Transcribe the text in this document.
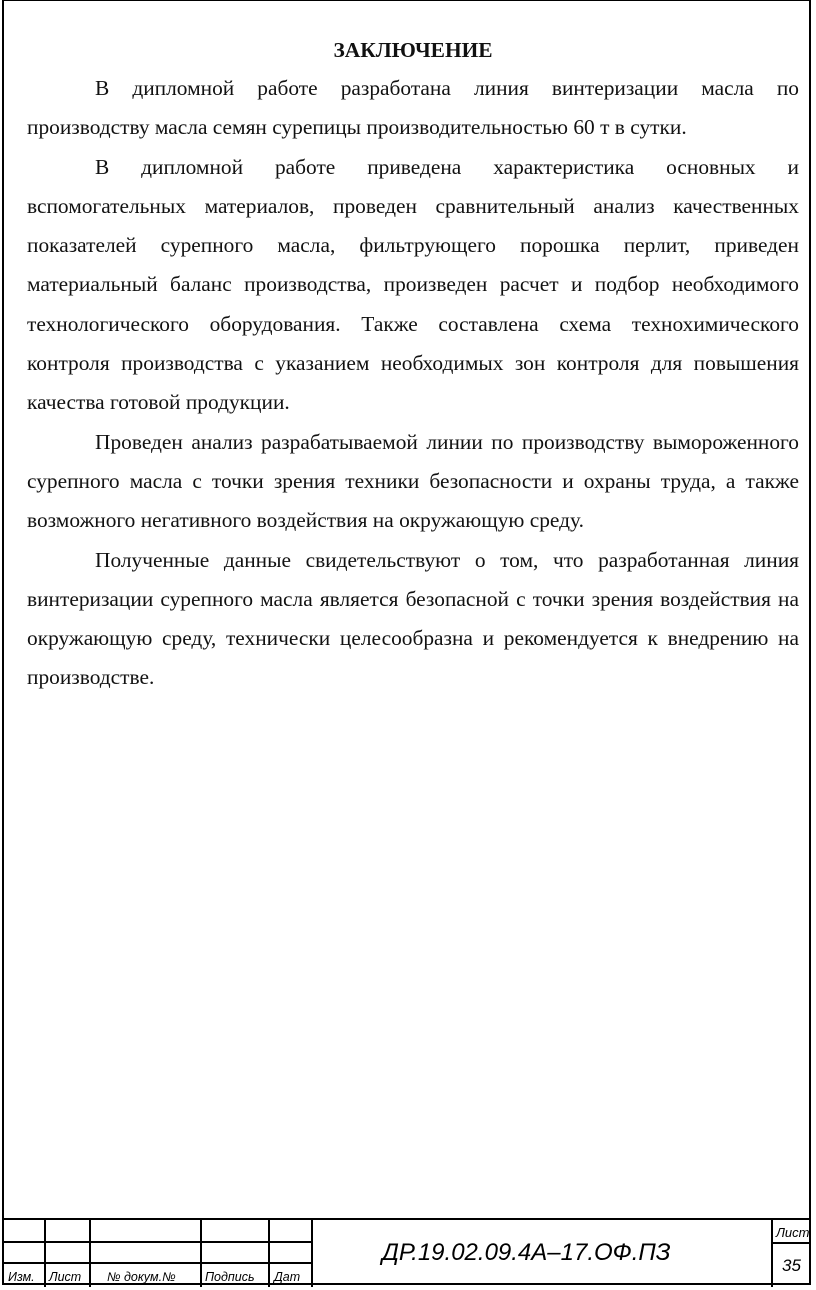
ЗАКЛЮЧЕНИЕ

В дипломной работе разработана линия винтеризации масла по производству масла семян сурепицы производительностью 60 т в сутки.

В дипломной работе приведена характеристика основных и вспомогательных материалов, проведен сравнительный анализ качественных показателей сурепного масла, фильтрующего порошка перлит, приведен материальный баланс производства, произведен расчет и подбор необходимого технологического оборудования. Также составлена схема технохимического контроля производства с указанием необходимых зон контроля для повышения качества готовой продукции.

Проведен анализ разрабатываемой линии по производству вымороженного сурепного масла с точки зрения техники безопасности и охраны труда, а также возможного негативного воздействия на окружающую среду.

Полученные данные свидетельствуют о том, что разработанная линия винтеризации сурепного масла является безопасной с точки зрения воздействия на окружающую среду, технически целесообразна и рекомендуется к внедрению на производстве.

Изм. Лист № докум.№ Подпись Дат
ДР.19.02.09.4А–17.ОФ.ПЗ
Лист
35
